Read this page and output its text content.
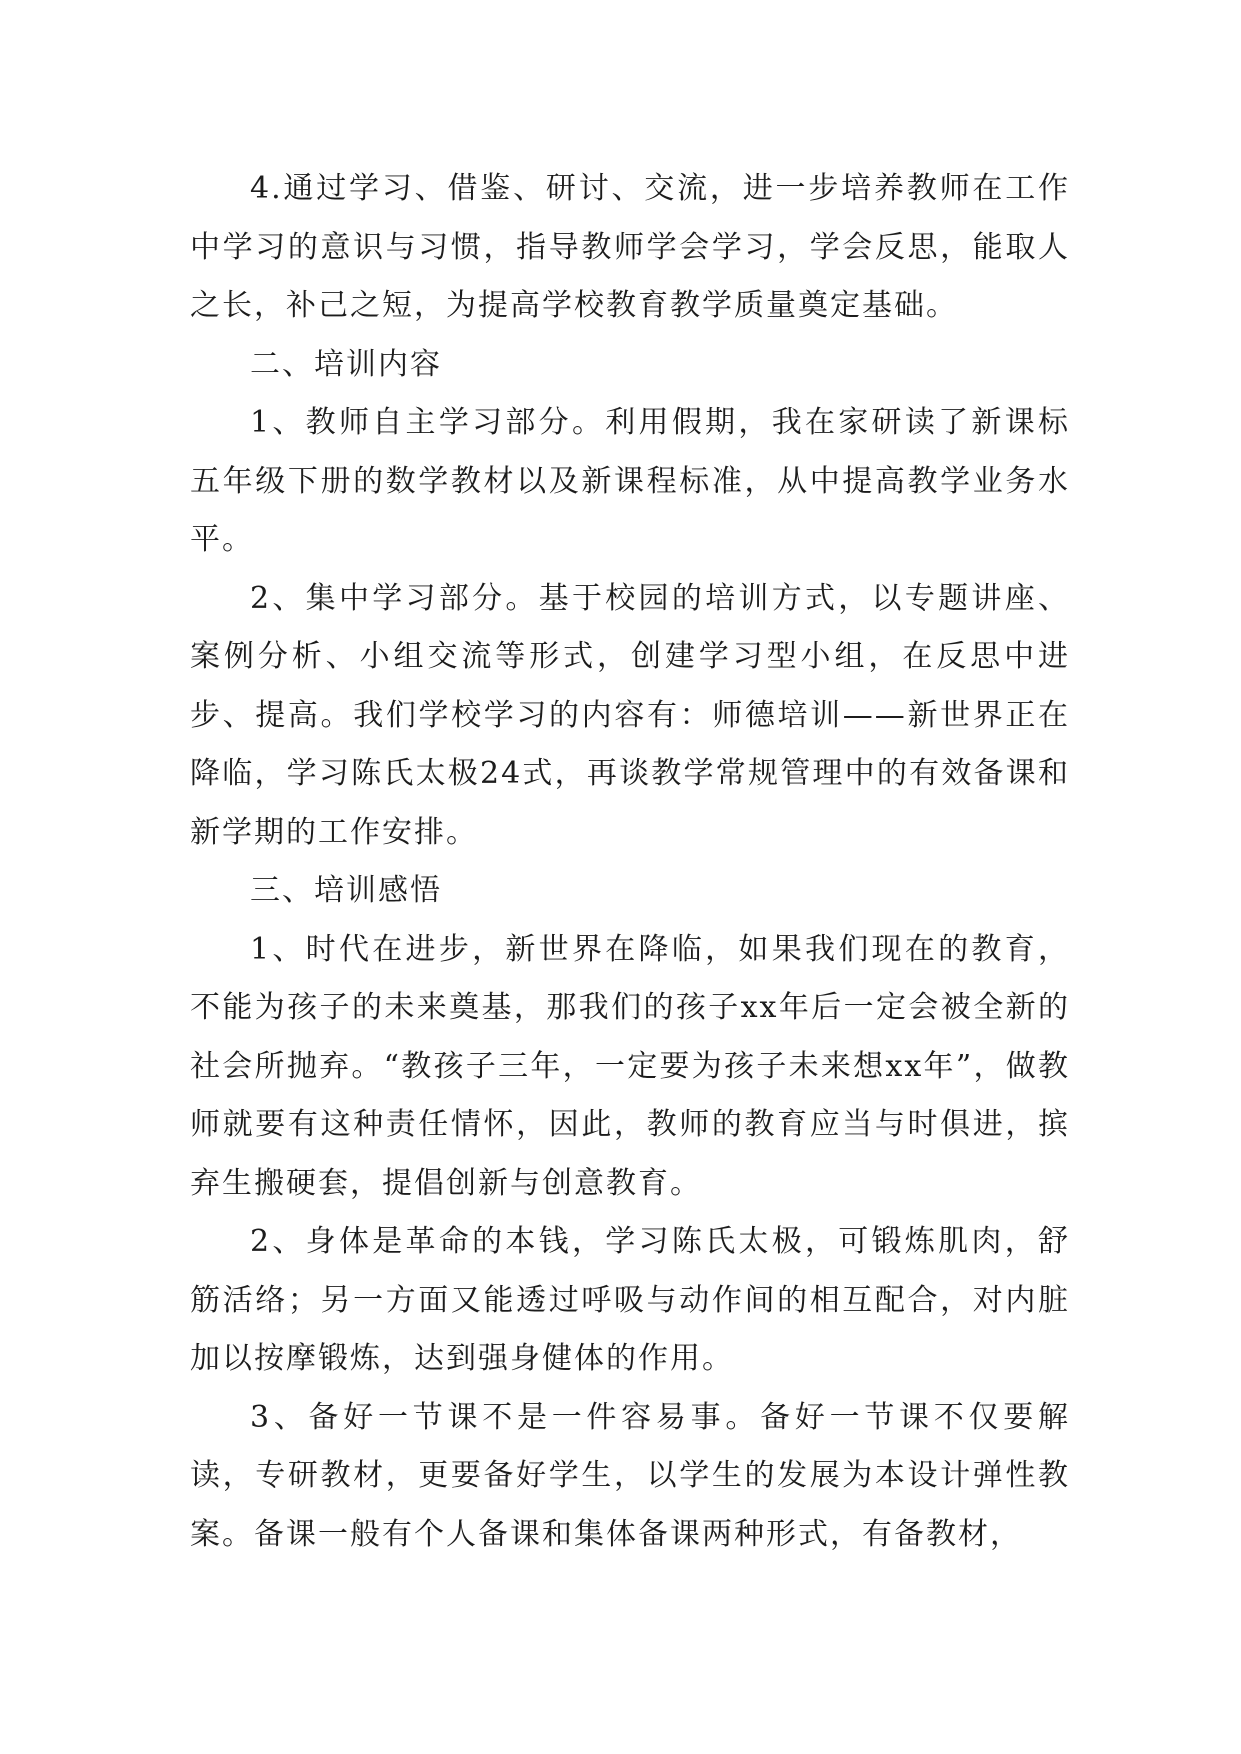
4.通过学习、借鉴、研讨、交流，进一步培养教师在工作中学习的意识与习惯，指导教师学会学习，学会反思，能取人之长，补己之短，为提高学校教育教学质量奠定基础。

二、培训内容

1、教师自主学习部分。利用假期，我在家研读了新课标五年级下册的数学教材以及新课程标准，从中提高教学业务水平。

2、集中学习部分。基于校园的培训方式，以专题讲座、案例分析、小组交流等形式，创建学习型小组，在反思中进步、提高。我们学校学习的内容有：师德培训——新世界正在降临，学习陈氏太极24式，再谈教学常规管理中的有效备课和新学期的工作安排。

三、培训感悟

1、时代在进步，新世界在降临，如果我们现在的教育，不能为孩子的未来奠基，那我们的孩子xx年后一定会被全新的社会所抛弃。“教孩子三年，一定要为孩子未来想xx年”，做教师就要有这种责任情怀，因此，教师的教育应当与时俱进，摈弃生搬硬套，提倡创新与创意教育。

2、身体是革命的本钱，学习陈氏太极，可锻炼肌肉，舒筋活络；另一方面又能透过呼吸与动作间的相互配合，对内脏加以按摩锻炼，达到强身健体的作用。

3、备好一节课不是一件容易事。备好一节课不仅要解读，专研教材，更要备好学生，以学生的发展为本设计弹性教案。备课一般有个人备课和集体备课两种形式，有备教材，
